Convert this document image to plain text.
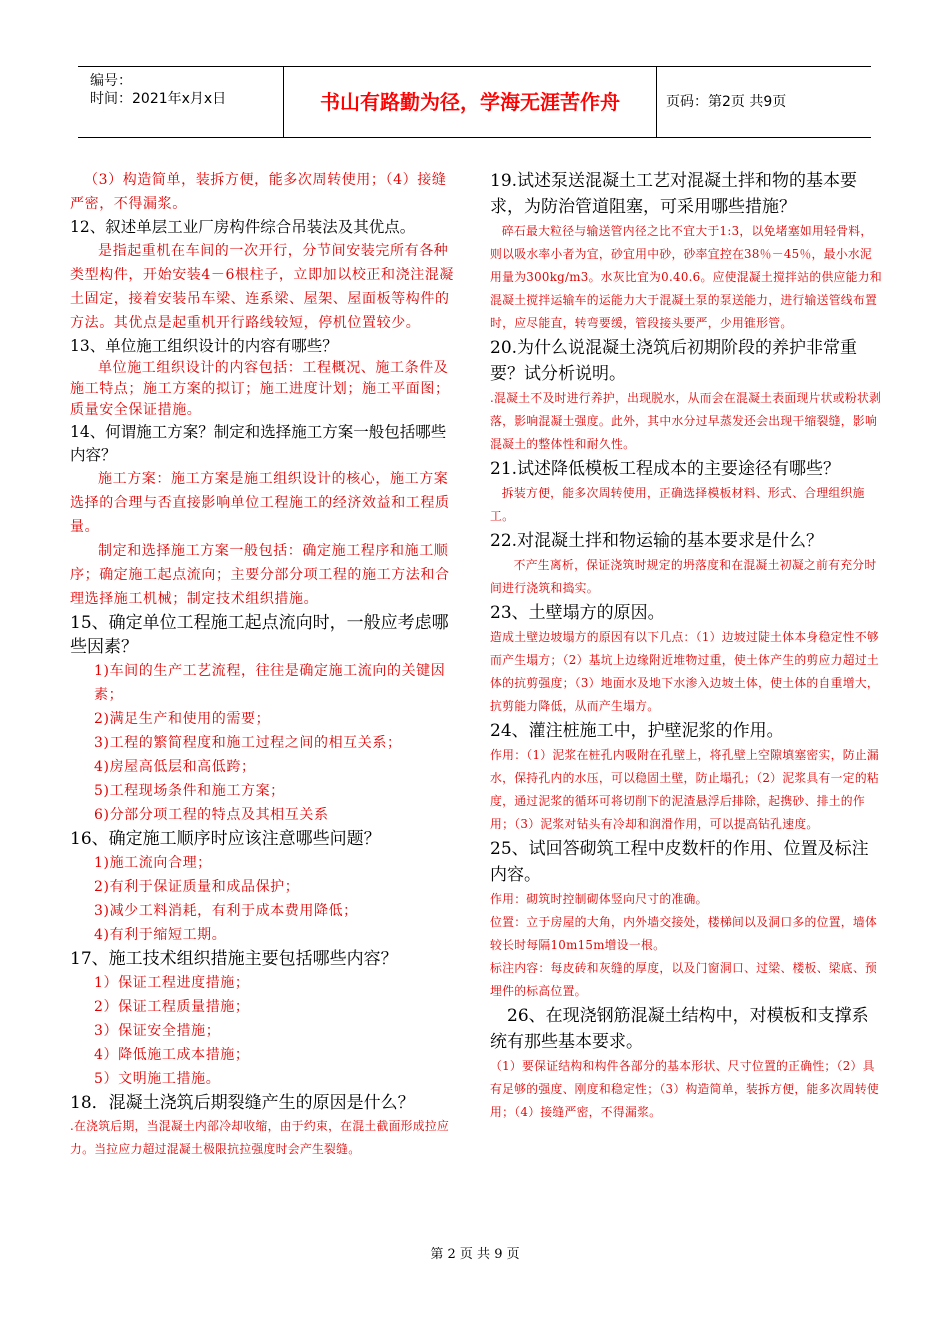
编号：
时间：2021年x月x日	书山有路勤为径，学海无涯苦作舟	页码：第2页 共9页

（3）构造简单，装拆方便，能多次周转使用；（4）接缝严密，不得漏浆。

12、叙述单层工业厂房构件综合吊装法及其优点。

是指起重机在车间的一次开行，分节间安装完所有各种类型构件，开始安装4－6根柱子，立即加以校正和浇注混凝土固定，接着安装吊车梁、连系梁、屋架、屋面板等构件的方法。其优点是起重机开行路线较短，停机位置较少。

13、单位施工组织设计的内容有哪些？

单位施工组织设计的内容包括：工程概况、施工条件及施工特点；施工方案的拟订；施工进度计划；施工平面图；质量安全保证措施。

14、何谓施工方案？制定和选择施工方案一般包括哪些内容？

施工方案：施工方案是施工组织设计的核心，施工方案选择的合理与否直接影响单位工程施工的经济效益和工程质量。

制定和选择施工方案一般包括：确定施工程序和施工顺序；确定施工起点流向；主要分部分项工程的施工方法和合理选择施工机械；制定技术组织措施。

15、确定单位工程施工起点流向时，一般应考虑哪些因素？

1)车间的生产工艺流程，往往是确定施工流向的关键因素；

2)满足生产和使用的需要；

3)工程的繁简程度和施工过程之间的相互关系；

4)房屋高低层和高低跨；

5)工程现场条件和施工方案；

6)分部分项工程的特点及其相互关系

16、确定施工顺序时应该注意哪些问题？

1)施工流向合理；

2)有利于保证质量和成品保护；

3)减少工料消耗，有利于成本费用降低；

4)有利于缩短工期。

17、施工技术组织措施主要包括哪些内容？

1）保证工程进度措施；

2）保证工程质量措施；

3）保证安全措施；

4）降低施工成本措施；

5）文明施工措施。

18．混凝土浇筑后期裂缝产生的原因是什么？

.在浇筑后期，当混凝土内部冷却收缩，由于约束，在混土截面形成拉应力。当拉应力超过混凝土极限抗拉强度时会产生裂缝。

19.试述泵送混凝土工艺对混凝土拌和物的基本要求，为防治管道阻塞，可采用哪些措施？

碎石最大粒径与输送管内径之比不宜大于1:3，以免堵塞如用轻骨料，则以吸水率小者为宜，砂宜用中砂，砂率宜控在38％－45％，最小水泥用量为300kg/m3。水灰比宜为0.40.6。应使混凝土搅拌站的供应能力和混凝土搅拌运输车的运能力大于混凝土泵的泵送能力，进行输送管线布置时，应尽能直，转弯要缓，管段接头要严，少用锥形管。

20.为什么说混凝土浇筑后初期阶段的养护非常重要？试分析说明。

.混凝土不及时进行养护，出现脱水，从而会在混凝土表面现片状或粉状剥落，影响混凝土强度。此外，其中水分过早蒸发还会出现干缩裂缝，影响混凝土的整体性和耐久性。

21.试述降低模板工程成本的主要途径有哪些？

拆装方便，能多次周转使用，正确选择模板材料、形式、合理组织施工。

22.对混凝土拌和物运输的基本要求是什么？

不产生离析，保证浇筑时规定的坍落度和在混凝土初凝之前有充分时间进行浇筑和捣实。

23、土壁塌方的原因。

造成土壁边坡塌方的原因有以下几点：（1）边坡过陡土体本身稳定性不够而产生塌方；（2）基坑上边缘附近堆物过重，使土体产生的剪应力超过土体的抗剪强度；（3）地面水及地下水渗入边坡土体，使土体的自重增大，抗剪能力降低，从而产生塌方。

24、灌注桩施工中，护壁泥浆的作用。

作用：（1）泥浆在桩孔内吸附在孔壁上，将孔壁上空隙填塞密实，防止漏水，保持孔内的水压，可以稳固土壁，防止塌孔；（2）泥浆具有一定的粘度，通过泥浆的循环可将切削下的泥渣悬浮后排除，起携砂、排土的作用；（3）泥浆对钻头有冷却和润滑作用，可以提高钻孔速度。

25、试回答砌筑工程中皮数杆的作用、位置及标注内容。

作用：砌筑时控制砌体竖向尺寸的准确。

位置：立于房屋的大角，内外墙交接处，楼梯间以及洞口多的位置，墙体较长时每隔10m15m增设一根。

标注内容：每皮砖和灰缝的厚度，以及门窗洞口、过梁、楼板、梁底、预埋件的标高位置。

26、在现浇钢筋混凝土结构中，对模板和支撑系统有那些基本要求。

（1）要保证结构和构件各部分的基本形状、尺寸位置的正确性；（2）具有足够的强度、刚度和稳定性；（3）构造简单，装拆方便，能多次周转使用；（4）接缝严密，不得漏浆。

第 2 页 共 9 页
